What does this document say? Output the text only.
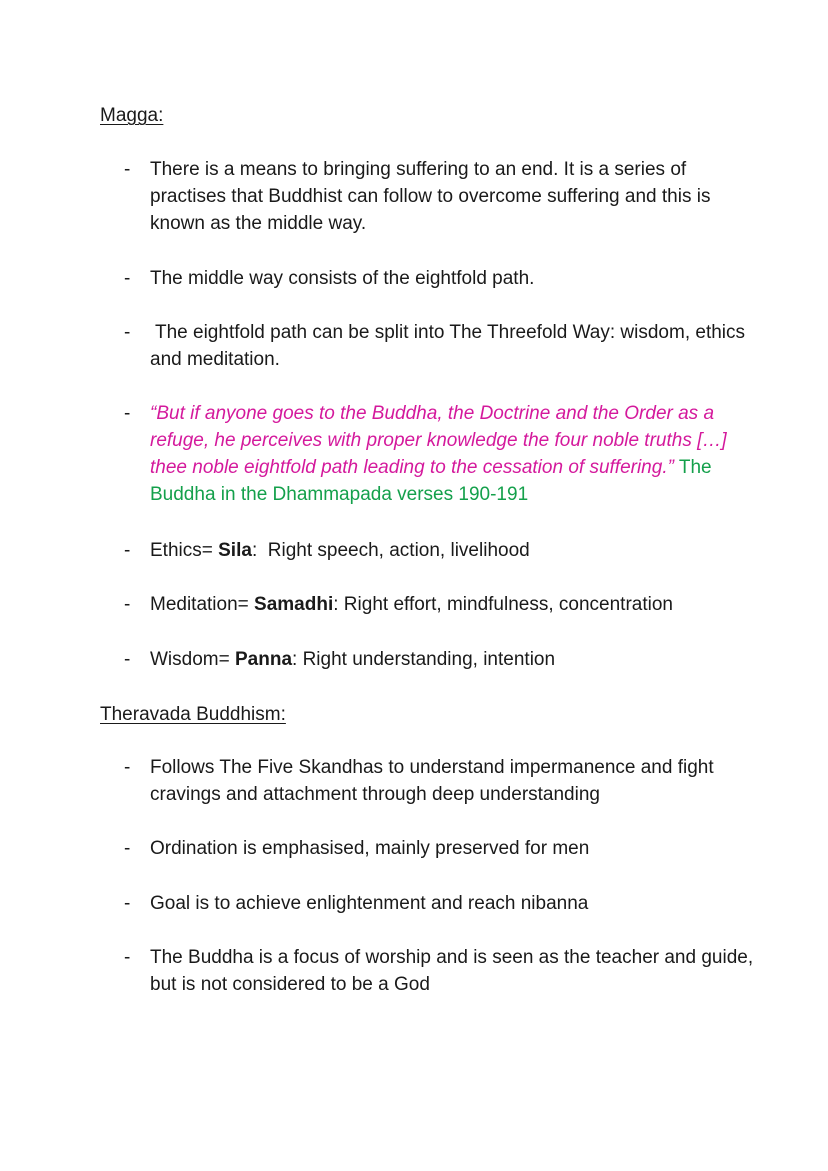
Magga:
-	There is a means to bringing suffering to an end. It is a series of practises that Buddhist can follow to overcome suffering and this is known as the middle way.
-	The middle way consists of the eightfold path.
-	The eightfold path can be split into The Threefold Way: wisdom, ethics and meditation.
-	“But if anyone goes to the Buddha, the Doctrine and the Order as a refuge, he perceives with proper knowledge the four noble truths […] thee noble eightfold path leading to the cessation of suffering.” The Buddha in the Dhammapada verses 190-191
-	Ethics= Sila:  Right speech, action, livelihood
-	Meditation= Samadhi: Right effort, mindfulness, concentration
-	Wisdom= Panna: Right understanding, intention
Theravada Buddhism:
-	Follows The Five Skandhas to understand impermanence and fight cravings and attachment through deep understanding
-	Ordination is emphasised, mainly preserved for men
-	Goal is to achieve enlightenment and reach nibanna
-	The Buddha is a focus of worship and is seen as the teacher and guide, but is not considered to be a God
